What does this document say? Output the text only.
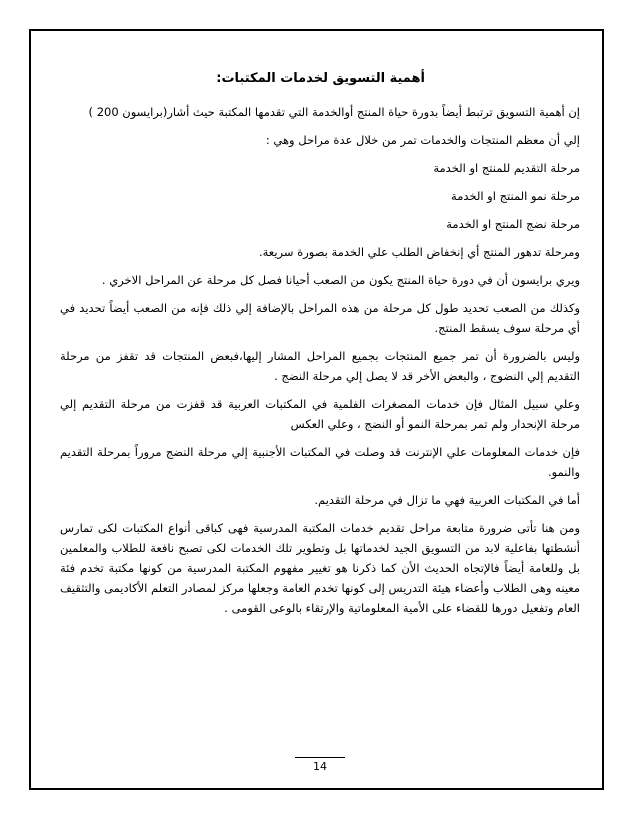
أهمية التسويق لخدمات المكتبات:

إن أهمية التسويق ترتبط أيضاً بدورة حياة المنتج أوالخدمة التي تقدمها المكتبة حيث أشار(برايسون 200 )

إلي أن معظم المنتجات والخدمات تمر من خلال عدة مراحل وهي :

مرحلة التقديم للمنتج او الخدمة

مرحلة نمو المنتج او الخدمة

مرحلة نضج المنتج او الخدمة

ومرحلة تدهور المنتج أي إنخفاض الطلب علي الخدمة بصورة سريعة.

ويري برايسون أن في دورة حياة المنتج يكون من الصعب أحيانا فصل كل مرحلة عن المراحل الاخري .

وكذلك من الصعب تحديد طول كل مرحلة من هذه المراحل بالإضافة إلي ذلك فإنه من الصعب أيضاً تحديد في أي مرحلة سوف يسقط المنتج.

وليس بالضرورة أن تمر جميع المنتجات بجميع المراحل المشار إليها،فبعض المنتجات قد تقفز من مرحلة التقديم إلي النضوج ، والبعض الأخر قد لا يصل إلي مرحلة النضج .

وعلي سبيل المثال فإن خدمات المصغرات الفلمية في المكتبات العربية قد قفزت من مرحلة التقديم إلي مرحلة الإنحدار ولم تمر بمرحلة النمو أو النضج ، وعلي العكس

فإن خدمات المعلومات علي الإنترنت قد وصلت في المكتبات الأجنبية إلي مرحلة النضج مروراً بمرحلة التقديم والنمو.

أما في المكتبات العربية فهي ما تزال في مرحلة التقديم.

ومن هنا تأتى ضرورة متابعة مراحل تقديم خدمات المكتبة المدرسية فهى كباقى أنواع المكتبات لكى تمارس أنشطتها بفاعلية لابد من التسويق الجيد لخدماتها بل وتطوير تلك الخدمات لكى تصبح نافعة للطلاب والمعلمين بل وللعامة أيضاً فالإتجاه الحديث الأن كما ذكرنا هو تغيير مفهوم المكتبة المدرسية من كونها مكتبة تخدم فئة معينه وهى الطلاب وأعضاء هيئة التدريس إلى كونها تخدم العامة وجعلها مركز لمصادر التعلم الأكاديمى والتثقيف العام وتفعيل دورها للقضاء على الأمية المعلوماتية والإرتقاء بالوعى القومى .

14
